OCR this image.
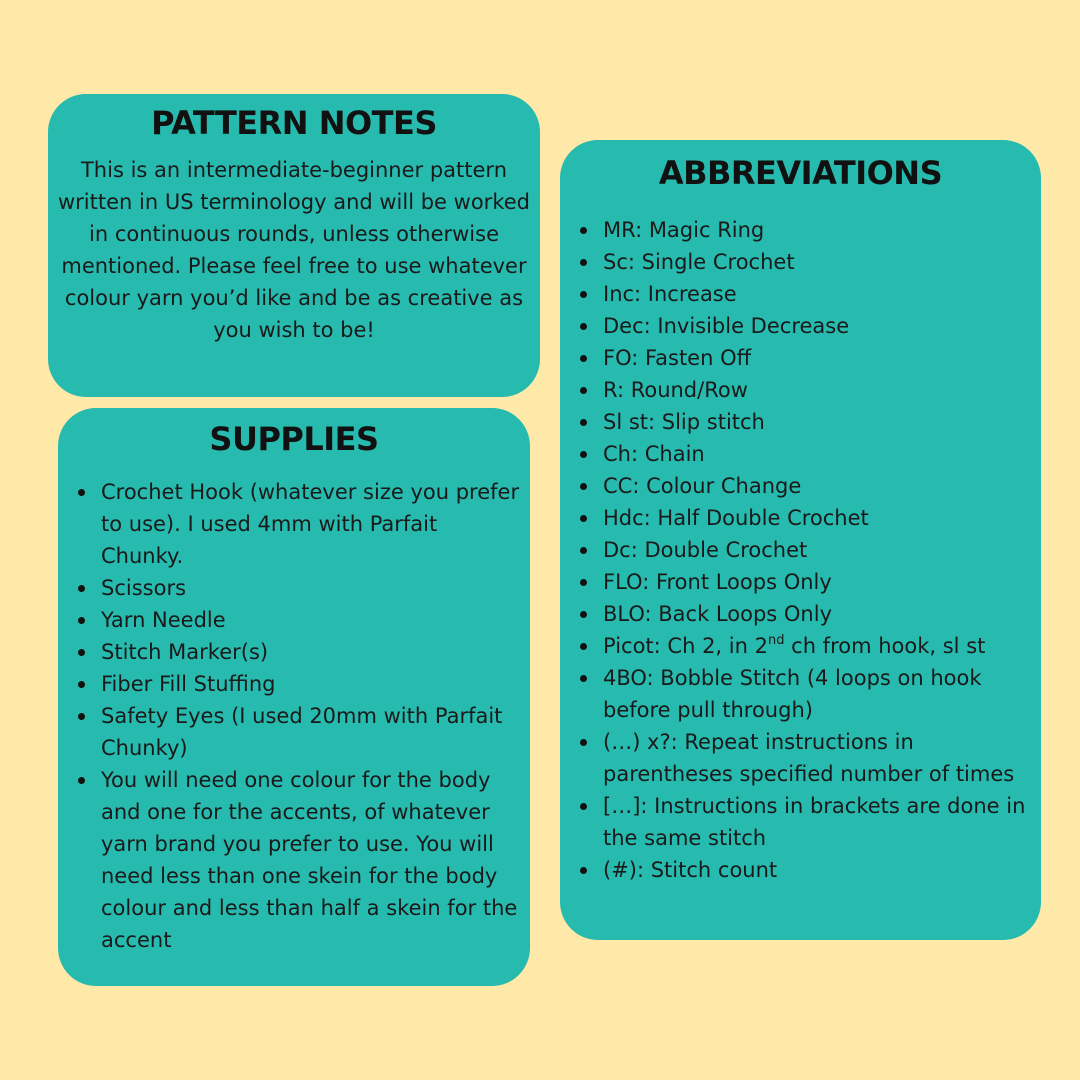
PATTERN NOTES

This is an intermediate-beginner pattern written in US terminology and will be worked in continuous rounds, unless otherwise mentioned. Please feel free to use whatever colour yarn you’d like and be as creative as you wish to be!

SUPPLIES
Crochet Hook (whatever size you prefer to use). I used 4mm with Parfait Chunky.
Scissors
Yarn Needle
Stitch Marker(s)
Fiber Fill Stuffing
Safety Eyes (I used 20mm with Parfait Chunky)
You will need one colour for the body and one for the accents, of whatever yarn brand you prefer to use. You will need less than one skein for the body colour and less than half a skein for the accent
ABBREVIATIONS
MR: Magic Ring
Sc: Single Crochet
Inc: Increase
Dec: Invisible Decrease
FO: Fasten Off
R: Round/Row
Sl st: Slip stitch
Ch: Chain
CC: Colour Change
Hdc: Half Double Crochet
Dc: Double Crochet
FLO: Front Loops Only
BLO: Back Loops Only
Picot: Ch 2, in 2nd ch from hook, sl st
4BO: Bobble Stitch (4 loops on hook before pull through)
(…) x?: Repeat instructions in parentheses specified number of times
[…]: Instructions in brackets are done in the same stitch
(#): Stitch count
